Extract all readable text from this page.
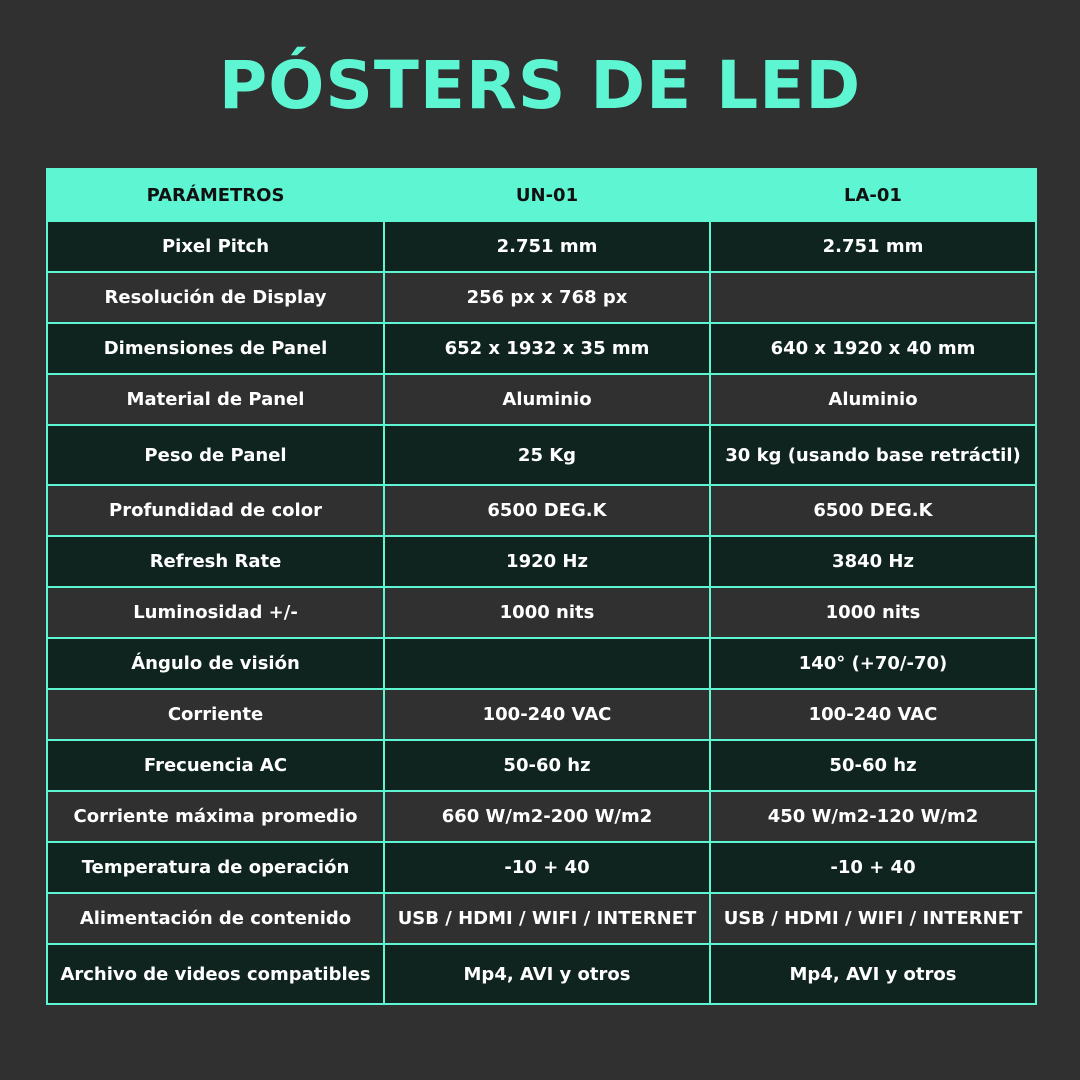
PÓSTERS DE LED
PARÁMETROS	UN-01	LA-01
Pixel Pitch	2.751 mm	2.751 mm
Resolución de Display	256 px x 768 px	
Dimensiones de Panel	652 x 1932 x 35 mm	640 x 1920 x 40 mm
Material de Panel	Aluminio	Aluminio
Peso de Panel	25 Kg	30 kg (usando base retráctil)
Profundidad de color	6500 DEG.K	6500 DEG.K
Refresh Rate	1920 Hz	3840 Hz
Luminosidad +/-	1000 nits	1000 nits
Ángulo de visión		140° (+70/-70)
Corriente	100-240 VAC	100-240 VAC
Frecuencia AC	50-60 hz	50-60 hz
Corriente máxima promedio	660 W/m2-200 W/m2	450 W/m2-120 W/m2
Temperatura de operación	-10 + 40	-10 + 40
Alimentación de contenido	USB / HDMI / WIFI / INTERNET	USB / HDMI / WIFI / INTERNET
Archivo de videos compatibles	Mp4, AVI y otros	Mp4, AVI y otros
